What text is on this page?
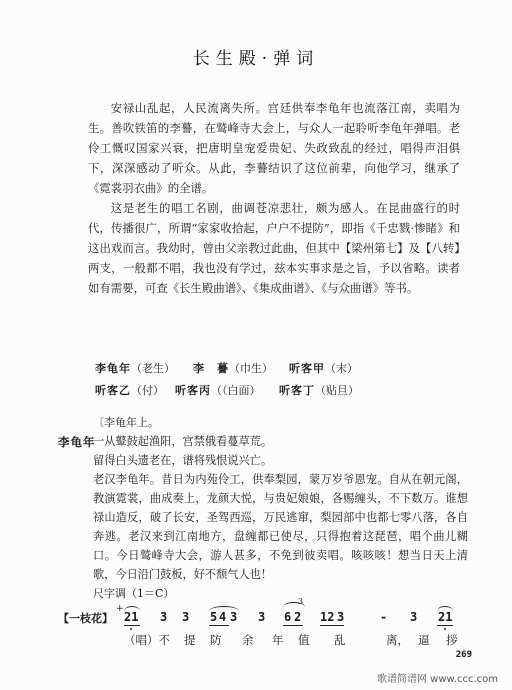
长生殿·弹词

安禄山乱起，人民流离失所。宫廷供奉李龟年也流落江南，卖唱为生。善吹铁笛的李謩，在鹫峰寺大会上，与众人一起聆听李龟年弹唱。老伶工慨叹国家兴衰，把唐明皇宠爱贵妃、失政致乱的经过，唱得声泪俱下，深深感动了听众。从此，李謩结识了这位前辈，向他学习，继承了《霓裳羽衣曲》的全谱。

这是老生的唱工名剧，曲调苍凉悲壮，颇为感人。在昆曲盛行的时代，传播很广，所谓“家家收拾起，户户不提防”，即指《千忠戮·惨睹》和这出戏而言。我幼时，曾由父亲教过此曲，但其中【梁州第七】及【八转】两支，一般都不唱，我也没有学过，兹本实事求是之旨，予以省略。读者如有需要，可查《长生殿曲谱》、《集成曲谱》、《与众曲谱》等书。

李龟年（老生）	李　謩（巾生）	听客甲（末）
听客乙（付）	听客丙（（白面）	听客丁（贴旦）
〔李龟年上。
李龟年
一从鼙鼓起渔阳，宫禁俄看蔓草荒。
留得白头遗老在，谱将残恨说兴亡。

老汉李龟年。昔日为内苑伶工，供奉梨园，蒙万岁爷恩宠。自从在朝元阁，教演霓裳，曲成奏上，龙颜大悦，与贵妃娘娘，各赐缠头，不下数万。谁想禄山造反，破了长安，圣驾西巡，万民逃窜，梨园部中也都七零八落，各自奔逃。老汉来到江南地方，盘缠都已使尽，只得抱着这琵琶，唱个曲儿糊口。今日鹫峰寺大会，游人甚多，不免到彼卖唱。咳咳咳！想当日天上清歌，今日沿门鼓板，好不颓气人也！

尺字调（1＝C）
【一枝花】
+
21 3 3 5 4 3 3 6 2 12 3	- 3 21
3
（唱）不 提 防 余 年 值 乱	离， 逼 拶
269
歌谱简谱网 www.ccc.com
